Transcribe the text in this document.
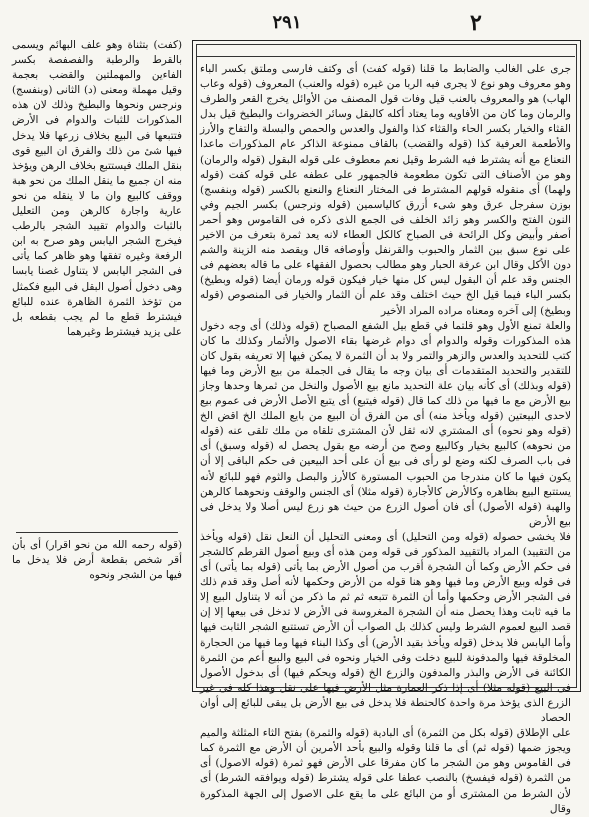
٢٩١	٢

جرى على الغالب والضابط ما قلنا (قوله كفت) أى وكتف فارسى وملتق بكسر الباء وهو معروف وهو نوع لا يجرى فيه الربا من غيره (قوله والعنب) المعروف (قوله وعاب الهاب) هو والمعروف بالعنب قيل وفات قول المصنف من الأوائل يخرج القعر والطرف والرمان وما كان من الأفاويه وما يعتاد أكله كالبقل وسائر الخضروات والبطيخ قيل بدل القثاء والخيار بكسر الحاء والقثاء كذا والفول والعدس والحمص والبسلة والتفاح والأرز والأطعمة العرفية كذا (قوله والقضب) بالقاف ممنوعة الذاكر عام المذكورات ماعدا النعناع مع أنه يشترط فيه الشرط وقيل نعم معطوف على قوله البقول (قوله والرمان) وهو من الأصناف التى تكون مطعومة فالجمهور على عطفه على قوله كفت (قوله ولهما) أى منقوله قولهم المشترط فى المختار النعناع والنعنع بالكسر (قوله وبنفسج) بوزن سفرجل عرق وهو شىء أزرق كالياسمين (قوله ونرجس) بكسر الجيم وفي النون الفتح والكسر وهو زائد الخلف فى الجمع الذى ذكره فى القاموس وهو أحمر أصفر وأبيض وكل الرائحة فى الصباح كالكل العطاء لانه يعد ثمرة بتعرف من الاخير على نوع سبق بين الثمار والحبوب والقرنفل وأوصافه قال ويقصد منه الزينة والشم دون الأكل وقال ابن عرفة الحبار وهو مطالب بحصول الفقهاء على ما قاله بعضهم فى الجنس وقد علم أن البقول ليس كل منها خيار فيكون قوله ورمان أيضا (قوله وبطيخ) بكسر الباء فيما قيل الخ حيث اختلف وقد علم أن الثمار والخيار فى المنصوص (قوله وبطيخ) إلى آخره ومعناه مراده المراد الأخير

والعلة تمنع الأول وهو قلتما في قطع بيل الشفع المصباح (قوله وذلك) أى وجه دخول هذه المذكورات وقوله والدوام أى دوام غرضها بقاء الاصول والأثمار وكذلك ما كان كتب للتحديد والعدس والزهر والتمر ولا بد أن الثمرة لا يمكن فيها إلا تعريفه بقول كان للتقدير والتحديد المتقدمات أى بيان وجه ما يقال فى الجملة من بيع الأرض وما فيها (قوله وبذلك) أى كأنه بيان علة التحديد مانع بيع الأصول والنخل من ثمرها وحدها وجاز بيع الأرض مع ما فيها من ذلك كما قال (قوله فيتبع) أى يتبع الأصل الأرض فى عموم بيع لاحدى البيعتين (قوله ويأخذ منه) أى من الفرق أن البيع من بايع الملك الخ اقض الخ (قوله وهو نحوه) أى المشتري لانه ثقل لأن المشترى تلقاه من ملك تلقى عنه (قوله من نحوهه) كالبيع بخيار وكالبيع وصح من أرضه مع بقول يحصل له (قوله وسبق) أى فى باب الصرف لكنه وضع لو رأى فى بيع أن على أحد البيعين فى حكم الباقى إلا أن يكون فيها ما كان مندرجا من الحبوب المستورة كالأرز والبصل والثوم فهو للبائع لأنه يستتبع البيع بظاهره وكالأرض كالأجارة (قوله مثلا) أى الجنس والوقف ونحوهما كالرهن والهبة (قوله الأصول) أى فان أصول الزرع من حيث هو زرع ليس أصلا ولا يدخل فى بيع الأرض

فلا يخشى حصوله (قوله ومن التحليل) أى ومعنى التحليل أن النعل نقل (قوله ويأخذ من التقييد) المراد بالتقييد المذكور فى قوله ومن هذه أى وبيع أصول القرطم كالشجر فى حكم الأرض وكما أن الشجرة أقرب من أصول الأرض بما يأتى (قوله بما يأتى) أى فى قوله وبيع الأرض وما فيها وهو هنا قوله من الأرض وحكمها لأنه أصل وقد قدم ذلك فى الشجر الأرض وحكمها وأما أن الثمرة تتبعه ثم ثم ما ذكر من أنه لا يتناول البيع إلا ما فيه ثابت وهذا يحصل منه أن الشجرة المغروسة فى الأرض لا تدخل فى بيعها إلا إن قصد البيع لعموم الشرط وليس كذلك بل الصواب أن الأرض تستتبع الشجر الثابت فيها وأما اليابس فلا يدخل (قوله ويأخذ بقيد الأرض) أى وكذا البناء فيها وما فيها من الحجارة المخلوقة فيها والمدفونة للبيع دخلت وفى الخيار ونحوه فى البيع والبيع أعم من الثمرة الكائنة فى الأرض والبذر والمدفون والزرع الخ (قوله ويحكم فيها) أى بدخول الأصول فى البيع (قوله مثلا) أى إذا ذكر العمارة مثل الأرض فيها على نقل وهذا كله فى غير الزرع الذى يؤخذ مرة واحدة كالحنطة فلا يدخل فى بيع الأرض بل يبقى للبائع إلى أوان الحصاد

على الإطلاق (قوله بكل من الثمرة) أى البادية (قوله والثمرة) بفتح الثاء المثلثة والميم ويجوز ضمها (قوله ثم) أى ما قلنا وقوله والبيع بأحد الأمرين أن الأرض مع الثمرة كما فى القاموس وهو من الشجر ما كان مفرقا على الأرض فهو ثمرة (قوله الاصول) أى من الثمرة (قوله فيفسخ) بالنصب عطفا على قوله يشترط (قوله ويوافقه الشرط) أى لأن الشرط من المشترى أو من البائع على ما يقع على الاصول إلى الجهة المذكورة وقال

(كفت) بتثناة وهو علف البهائم ويسمى بالقرط والرطبة والفصفصة بكسر الفاءين والمهملتين والقضب بعجمة وقيل مهملة ومعنى (د) الثانى (وبنفسج) ونرجس ونحوها والبطيخ وذلك لان هذه المذكورات للثبات والدوام فى الأرض فتتبعها فى البيع بخلاف زرعها فلا يدخل فيها شئ من ذلك والفرق ان البيع قوى بنقل الملك فيستتبع بخلاف الرهن ويؤخذ منه ان جميع ما ينقل الملك من نحو هبة ووقف كالبيع وان ما لا ينقله من نحو عارية واجارة كالرهن ومن التعليل بالثبات والدوام تقييد الشجر بالرطب فيخرج الشجر اليابس وهو صرح به ابن الرفعة وغيره تفقها وهو ظاهر كما يأتى فى الشجر اليابس لا يتناول غصنا يابسا وهى دخول أصول البقل فى البيع فكمثل من تؤخذ الثمرة الظاهرة عنده للبائع فيشترط قطع ما لم يجب بقطعه بل على يزيد فيشترط وغيرهما

(قوله رحمه الله من نحو اقرار) أى بأن أقر شخص بقطعة أرض فلا يدخل ما فيها من الشجر ونحوه
